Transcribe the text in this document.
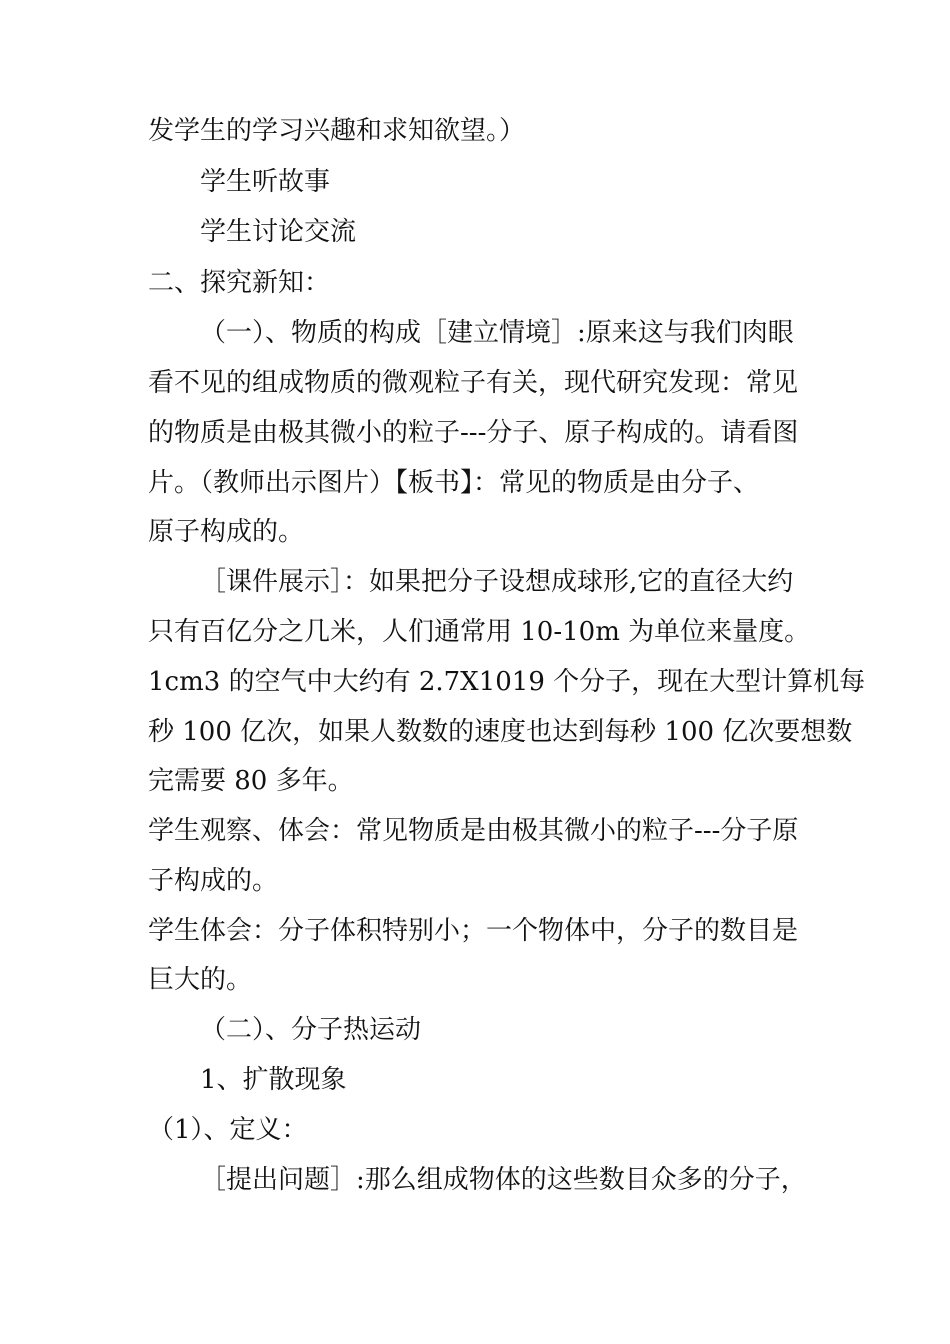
发学生的学习兴趣和求知欲望。）
学生听故事
学生讨论交流
二、探究新知：
（一）、物质的构成［建立情境］:原来这与我们肉眼
看不见的组成物质的微观粒子有关，现代研究发现：常见
的物质是由极其微小的粒子---分子、原子构成的。请看图
片。（教师出示图片）【板书】：常见的物质是由分子、
原子构成的。
［课件展示］：如果把分子设想成球形,它的直径大约
只有百亿分之几米，人们通常用 10-10m 为单位来量度。
1cm3 的空气中大约有 2.7X1019 个分子，现在大型计算机每
秒 100 亿次，如果人数数的速度也达到每秒 100 亿次要想数
完需要 80 多年。
学生观察、体会：常见物质是由极其微小的粒子---分子原
子构成的。
学生体会：分子体积特别小；一个物体中，分子的数目是
巨大的。
（二）、分子热运动
1、扩散现象
（1）、定义：
［提出问题］:那么组成物体的这些数目众多的分子，
